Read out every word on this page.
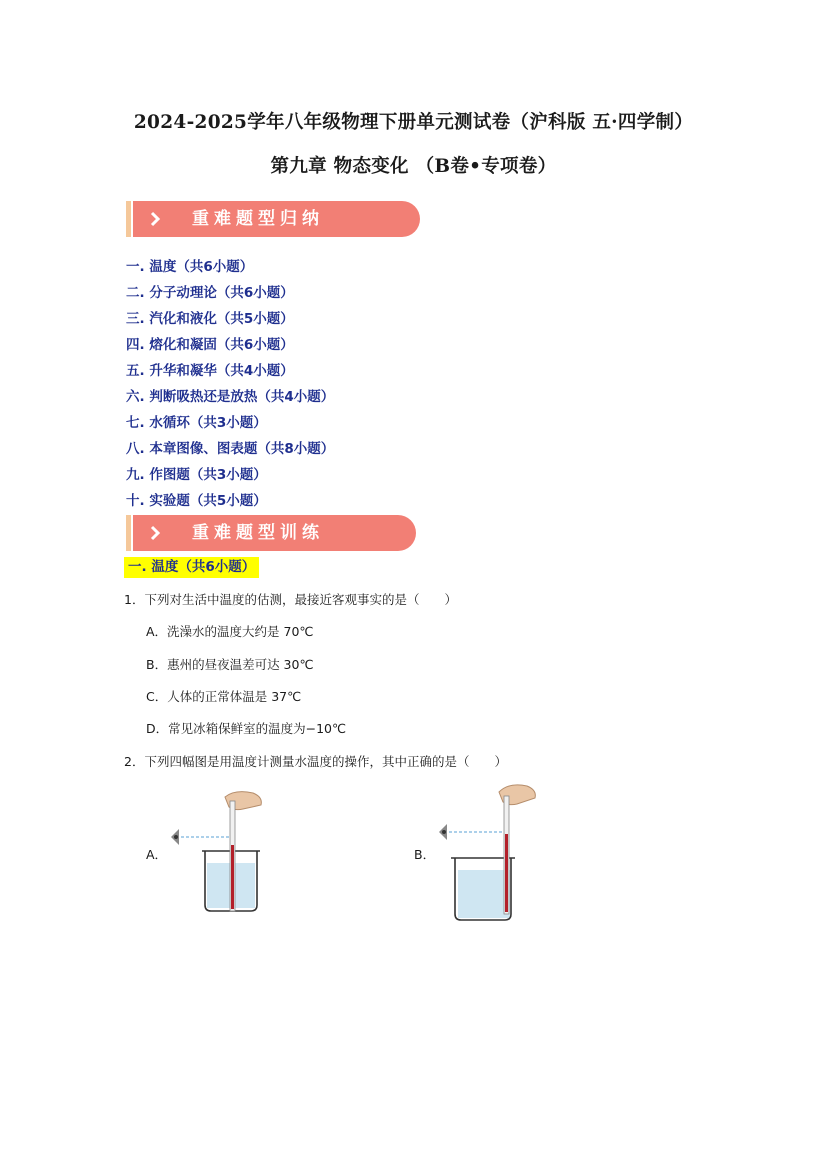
2024-2025学年八年级物理下册单元测试卷（沪科版 五·四学制）
第九章 物态变化 （B卷•专项卷）
重难题型归纳
一. 温度（共6小题）
二. 分子动理论（共6小题）
三. 汽化和液化（共5小题）
四. 熔化和凝固（共6小题）
五. 升华和凝华（共4小题）
六. 判断吸热还是放热（共4小题）
七. 水循环（共3小题）
八. 本章图像、图表题（共8小题）
九. 作图题（共3小题）
十. 实验题（共5小题）
重难题型训练
一. 温度（共6小题）
1．下列对生活中温度的估测，最接近客观事实的是（　　）
A．洗澡水的温度大约是 70℃
B．惠州的昼夜温差可达 30℃
C．人体的正常体温是 37℃
D．常见冰箱保鲜室的温度为−10℃
2．下列四幅图是用温度计测量水温度的操作，其中正确的是（　　）
A．	B．
